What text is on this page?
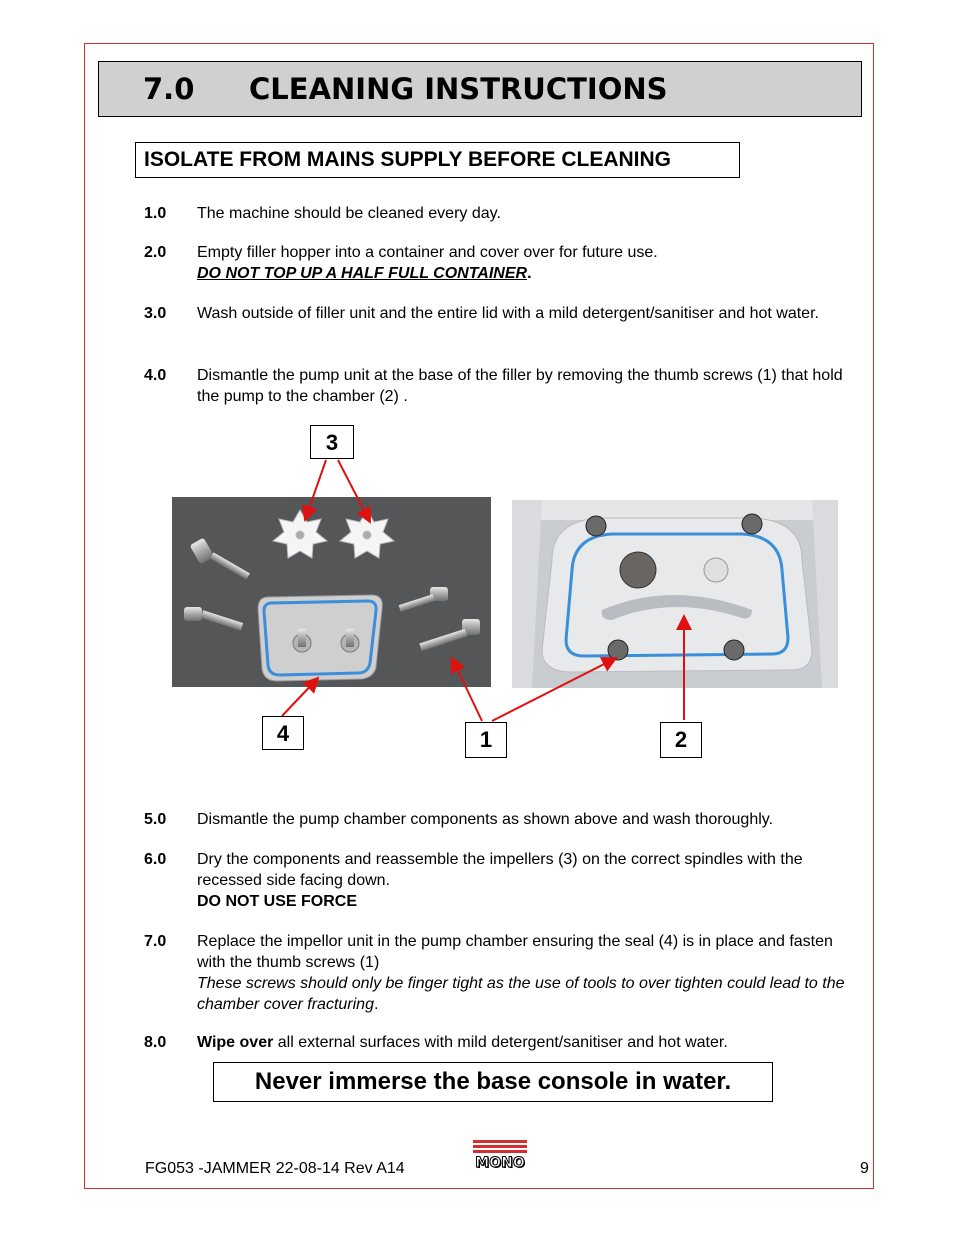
7.0 CLEANING INSTRUCTIONS
ISOLATE FROM MAINS SUPPLY BEFORE CLEANING
1.0 The machine should be cleaned every day.
2.0 Empty filler hopper into a container and cover over for future use.
DO NOT TOP UP A HALF FULL CONTAINER.
3.0 Wash outside of filler unit and the entire lid with a mild detergent/sanitiser and hot water.
4.0 Dismantle the pump unit at the base of the filler by removing the thumb screws (1) that hold the pump to the chamber (2) .
3
4	1	2
5.0 Dismantle the pump chamber components as shown above and wash thoroughly.
6.0 Dry the components and reassemble the impellers (3) on the correct spindles with the recessed side facing down.
DO NOT USE FORCE
7.0 Replace the impellor unit in the pump chamber ensuring the seal (4) is in place and fasten with the thumb screws (1)
These screws should only be finger tight as the use of tools to over tighten could lead to the chamber cover fracturing.
8.0 Wipe over all external surfaces with mild detergent/sanitiser and hot water.
Never immerse the base console in water.
FG053 -JAMMER 22-08-14 Rev A14	MONO	9
